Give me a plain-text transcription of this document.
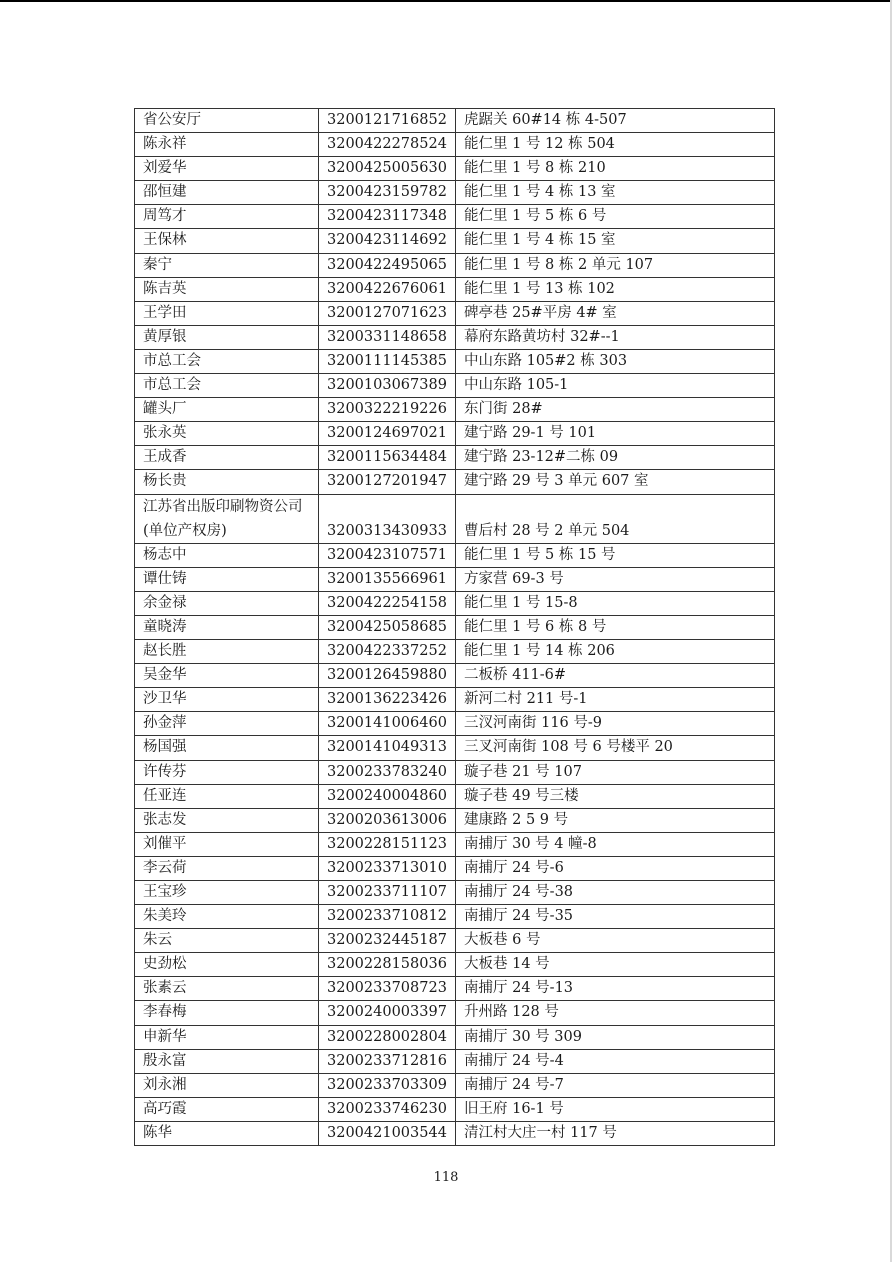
省公安厅	3200121716852	虎踞关 60#14 栋 4-507
陈永祥	3200422278524	能仁里 1 号 12 栋 504
刘爱华	3200425005630	能仁里 1 号 8 栋 210
邵恒建	3200423159782	能仁里 1 号 4 栋 13 室
周笃才	3200423117348	能仁里 1 号 5 栋 6 号
王保林	3200423114692	能仁里 1 号 4 栋 15 室
秦宁	3200422495065	能仁里 1 号 8 栋 2 单元 107
陈吉英	3200422676061	能仁里 1 号 13 栋 102
王学田	3200127071623	碑亭巷 25#平房 4# 室
黄厚银	3200331148658	幕府东路黄坊村 32#--1
市总工会	3200111145385	中山东路 105#2 栋 303
市总工会	3200103067389	中山东路 105-1
罐头厂	3200322219226	东门街 28#
张永英	3200124697021	建宁路 29-1 号 101
王成香	3200115634484	建宁路 23-12#二栋 09
杨长贵	3200127201947	建宁路 29 号 3 单元 607 室
江苏省出版印刷物资公司(单位产权房)	3200313430933	曹后村 28 号 2 单元 504
杨志中	3200423107571	能仁里 1 号 5 栋 15 号
谭仕铸	3200135566961	方家营 69-3 号
余金禄	3200422254158	能仁里 1 号 15-8
童晓涛	3200425058685	能仁里 1 号 6 栋 8 号
赵长胜	3200422337252	能仁里 1 号 14 栋 206
吴金华	3200126459880	二板桥 411-6#
沙卫华	3200136223426	新河二村 211 号-1
孙金萍	3200141006460	三汊河南街 116 号-9
杨国强	3200141049313	三叉河南街 108 号 6 号楼平 20
许传芬	3200233783240	璇子巷 21 号 107
任亚连	3200240004860	璇子巷 49 号三楼
张志发	3200203613006	建康路 2 5 9 号
刘催平	3200228151123	南捕厅 30 号 4 幢-8
李云荷	3200233713010	南捕厅 24 号-6
王宝珍	3200233711107	南捕厅 24 号-38
朱美玲	3200233710812	南捕厅 24 号-35
朱云	3200232445187	大板巷 6 号
史劲松	3200228158036	大板巷 14 号
张素云	3200233708723	南捕厅 24 号-13
李春梅	3200240003397	升州路 128 号
申新华	3200228002804	南捕厅 30 号 309
殷永富	3200233712816	南捕厅 24 号-4
刘永湘	3200233703309	南捕厅 24 号-7
高巧霞	3200233746230	旧王府 16-1 号
陈华	3200421003544	清江村大庄一村 117 号
118
